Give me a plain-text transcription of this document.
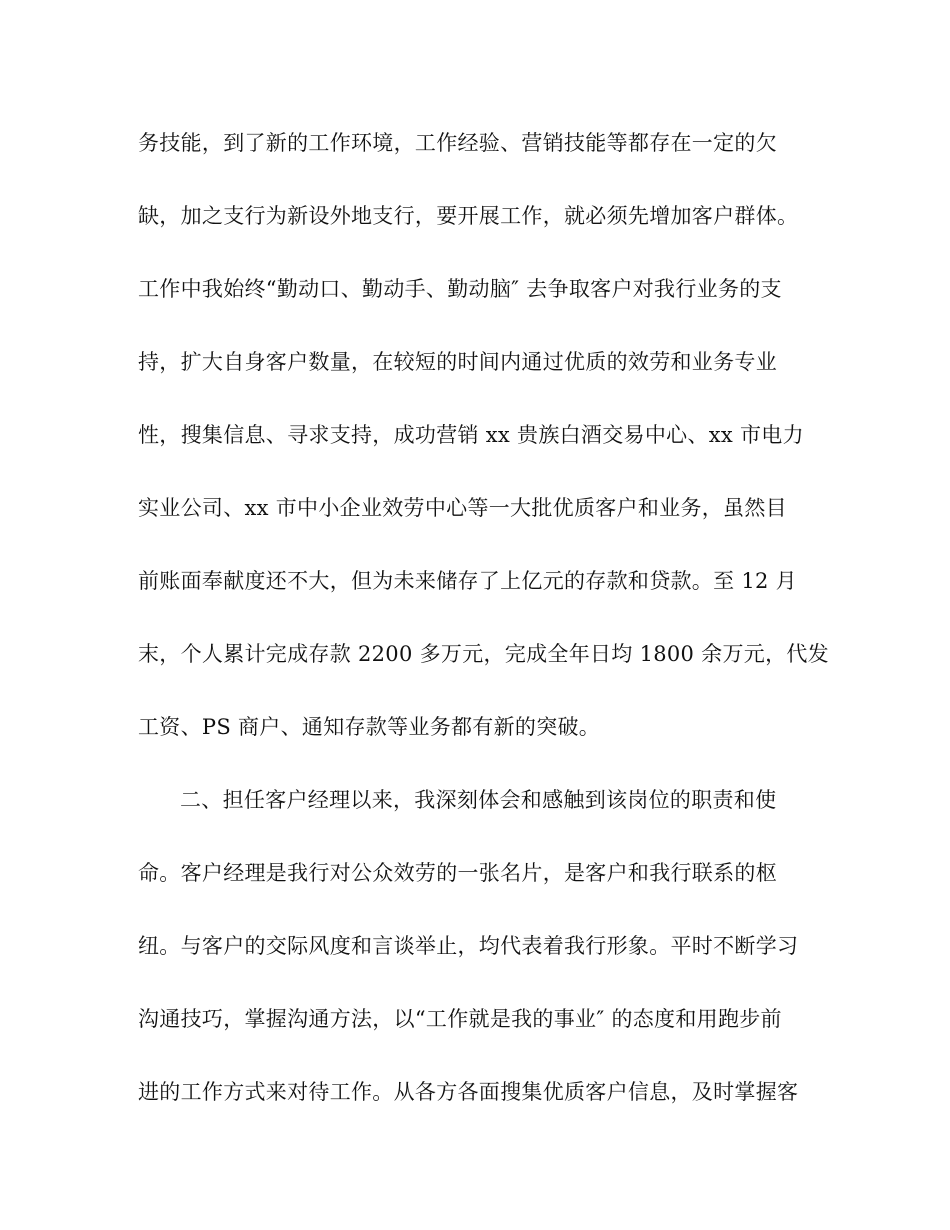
务技能，到了新的工作环境，工作经验、营销技能等都存在一定的欠
缺，加之支行为新设外地支行，要开展工作，就必须先增加客户群体。
工作中我始终“勤动口、勤动手、勤动脑″ 去争取客户对我行业务的支
持，扩大自身客户数量，在较短的时间内通过优质的效劳和业务专业
性，搜集信息、寻求支持，成功营销 xx 贵族白酒交易中心、xx 市电力
实业公司、xx 市中小企业效劳中心等一大批优质客户和业务，虽然目
前账面奉献度还不大，但为未来储存了上亿元的存款和贷款。至 12 月
末，个人累计完成存款 2200 多万元，完成全年日均 1800 余万元，代发
工资、PS 商户、通知存款等业务都有新的突破。
二、担任客户经理以来，我深刻体会和感触到该岗位的职责和使
命。客户经理是我行对公众效劳的一张名片，是客户和我行联系的枢
纽。与客户的交际风度和言谈举止，均代表着我行形象。平时不断学习
沟通技巧，掌握沟通方法，以“工作就是我的事业″ 的态度和用跑步前
进的工作方式来对待工作。从各方各面搜集优质客户信息，及时掌握客
